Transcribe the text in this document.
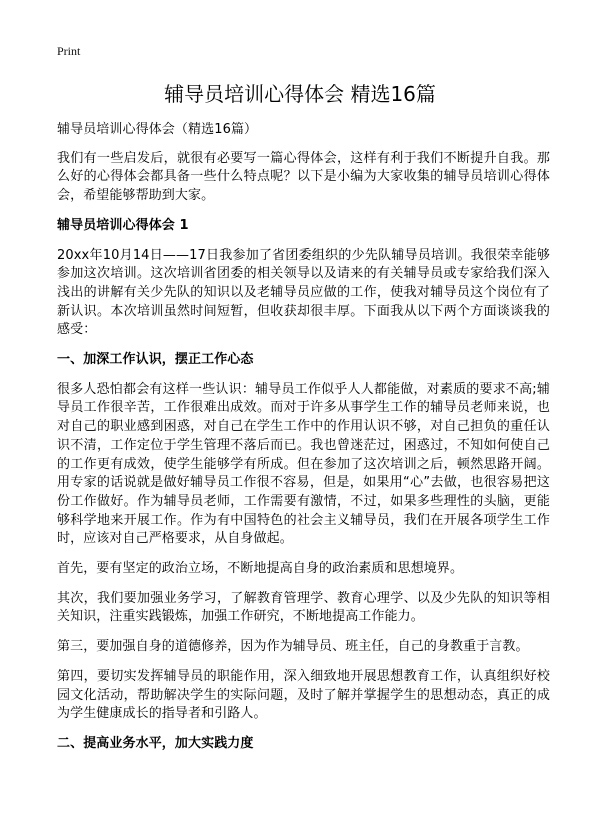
Print
辅导员培训心得体会 精选16篇

辅导员培训心得体会（精选16篇）

我们有一些启发后，就很有必要写一篇心得体会，这样有利于我们不断提升自我。那么好的心得体会都具备一些什么特点呢？以下是小编为大家收集的辅导员培训心得体会，希望能够帮助到大家。

辅导员培训心得体会 1

20xx年10月14日——17日我参加了省团委组织的少先队辅导员培训。我很荣幸能够参加这次培训。这次培训省团委的相关领导以及请来的有关辅导员或专家给我们深入浅出的讲解有关少先队的知识以及老辅导员应做的工作，使我对辅导员这个岗位有了新认识。本次培训虽然时间短暂，但收获却很丰厚。下面我从以下两个方面谈谈我的感受：

一、加深工作认识，摆正工作心态

很多人恐怕都会有这样一些认识：辅导员工作似乎人人都能做，对素质的要求不高;辅导员工作很辛苦，工作很难出成效。而对于许多从事学生工作的辅导员老师来说，也对自己的职业感到困惑，对自己在学生工作中的作用认识不够，对自己担负的重任认识不清，工作定位于学生管理不落后而已。我也曾迷茫过，困惑过，不知如何使自己的工作更有成效，使学生能够学有所成。但在参加了这次培训之后，顿然思路开阔。用专家的话说就是做好辅导员工作很不容易，但是，如果用“心”去做，也很容易把这份工作做好。作为辅导员老师，工作需要有激情，不过，如果多些理性的头脑，更能够科学地来开展工作。作为有中国特色的社会主义辅导员，我们在开展各项学生工作时，应该对自己严格要求，从自身做起。

首先，要有坚定的政治立场，不断地提高自身的政治素质和思想境界。

其次，我们要加强业务学习，了解教育管理学、教育心理学、以及少先队的知识等相关知识，注重实践锻炼，加强工作研究，不断地提高工作能力。

第三，要加强自身的道德修养，因为作为辅导员、班主任，自己的身教重于言教。

第四，要切实发挥辅导员的职能作用，深入细致地开展思想教育工作，认真组织好校园文化活动，帮助解决学生的实际问题，及时了解并掌握学生的思想动态，真正的成为学生健康成长的指导者和引路人。

二、提高业务水平，加大实践力度
